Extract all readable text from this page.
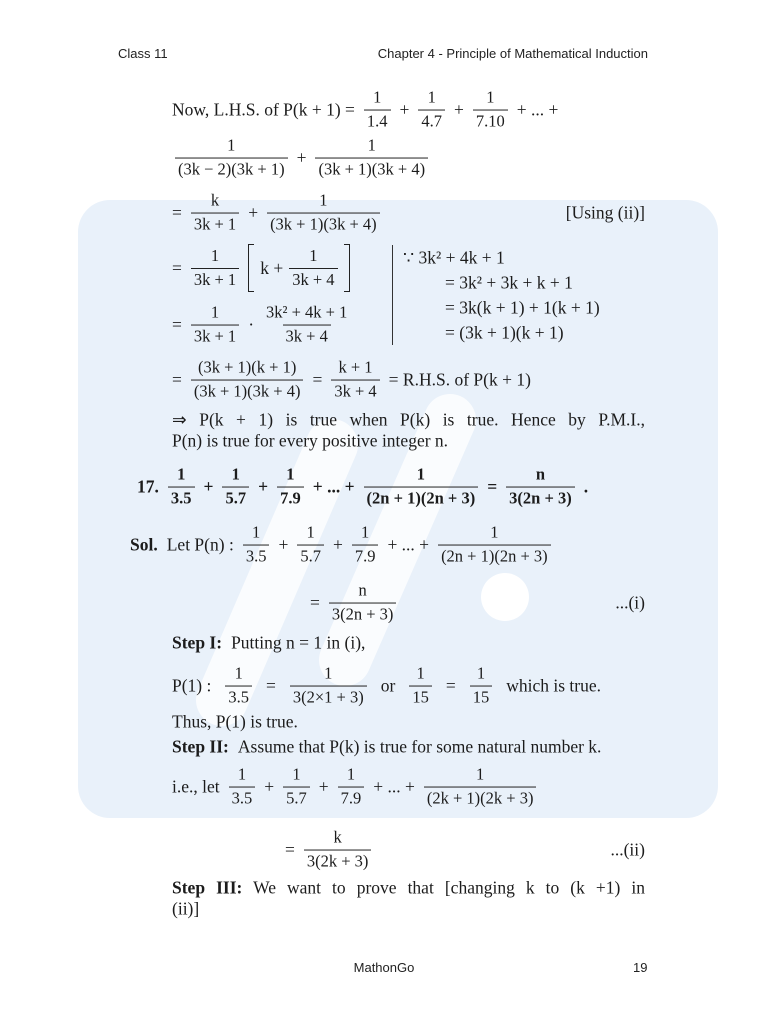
Class 11	Chapter 4 - Principle of Mathematical Induction
MathonGo	19
Now, L.H.S. of $P(k + 1) = \frac{1}{1.4} + \frac{1}{4.7} + \frac{1}{7.10}$ + ... +
$\frac{1}{(3k - 2)(3k + 1)} + \frac{1}{(3k + 1)(3k + 4)}$
= $\frac{k}{3k + 1} + \frac{1}{(3k + 1)(3k + 4)}$
= $\frac{1}{3k + 1}$ $k + \frac{1}{3k + 4}$
= $\frac{1}{3k + 1} \cdot \frac{\text{3k² + 4k + 1}}{3k + 4}$
= $\frac{(3k + 1)(k + 1)}{(3k + 1)(3k + 4)} = \frac{k + 1}{3k + 4} = R.H.S$. of P(k + 1)
⇒ P(k + 1) is true when P(k) is true. Hence by P.M.I.,
P(n) is true for every positive integer n.
17. $\frac{1}{3.5} + \frac{1}{5.7} + \frac{1}{7.9}$ + ... + $\frac{1}{(2n + 1)(2n + 3)} = \frac{n}{3(2n + 3)}$ .
Sol. Let P(n) : $\frac{1}{3.5} + \frac{1}{5.7} + \frac{1}{7.9}$ + ... + $\frac{1}{(2n + 1)(2n + 3)}$
= $\frac{n}{3(2n + 3)}$
Step I: Putting n = 1 in (i),
P(1) : $\frac{1}{3.5} = \frac{1}{3(2\times 1 + 3)}$ or $\frac{1}{15} = \frac{1}{15}$ which is true.
Thus, P(1) is true.
Step II: Assume that P(k) is true for some natural number k.
i.e., let $\frac{1}{3.5} + \frac{1}{5.7} + \frac{1}{7.9}$ + ... + $\frac{1}{(2k + 1)(2k + 3)}$
= $\frac{k}{3(2k + 3)}$
Step III: We want to prove that [changing k to (k +1) in
(ii)]
[Using (ii)]
...(i)
...(ii)
∵ 3k² + 4k + 1
= 3k² + 3k + k + 1
= 3k(k + 1) + 1(k + 1)
= (3k + 1)(k + 1)
